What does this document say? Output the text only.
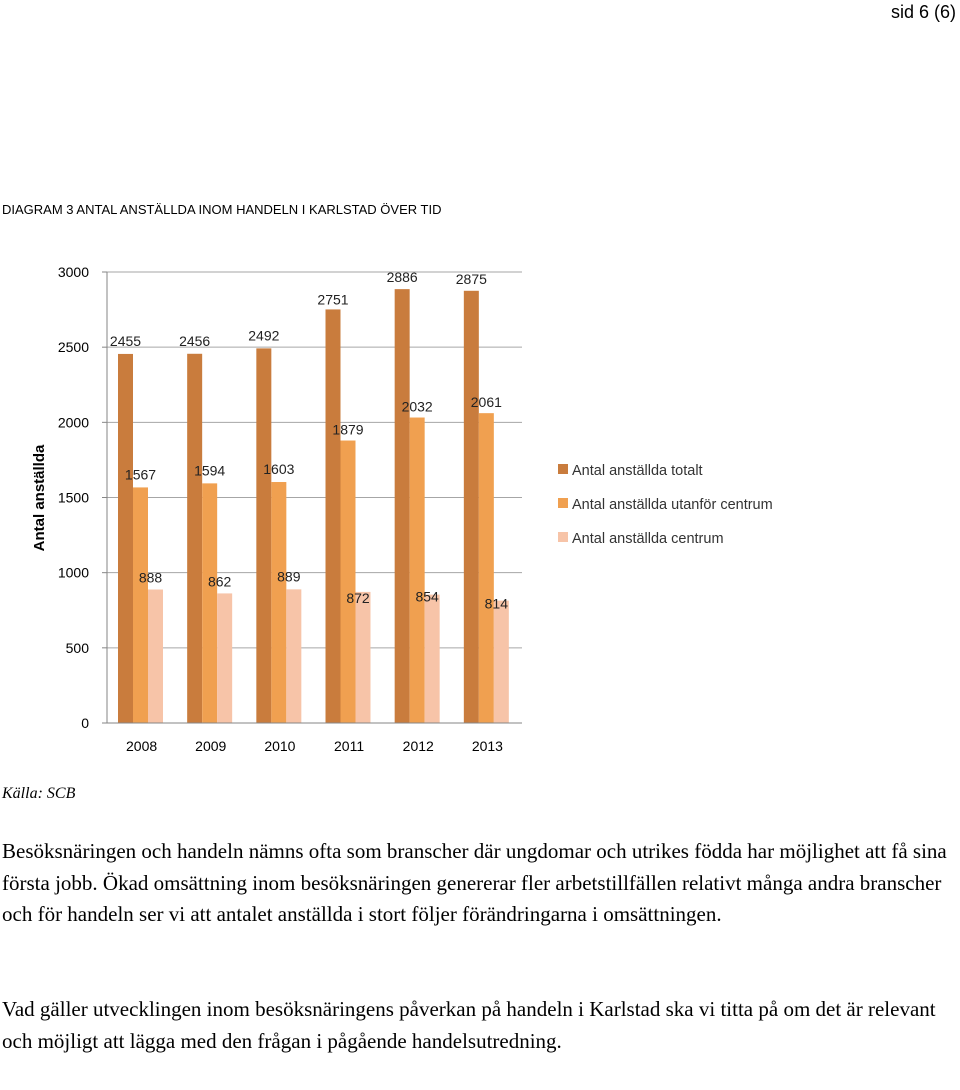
sid 6 (6)
DIAGRAM 3 ANTAL ANSTÄLLDA INOM HANDELN I KARLSTAD ÖVER TID
0
500
1000
1500
2000
2500
3000
Antal anställda
2008	2009	2010	2011	2012	2013
2455	2456	2492
2751
2886	2875
1567	1594	1603
1879
2032	2061
888	862	889
872	854	814
Antal anställda totalt
Antal anställda utanför centrum
Antal anställda centrum
Källa: SCB

Besöksnäringen och handeln nämns ofta som branscher där ungdomar och utrikes födda har möjlighet att få sina första jobb. Ökad omsättning inom besöksnäringen genererar fler arbetstillfällen relativt många andra branscher och för handeln ser vi att antalet anställda i stort följer förändringarna i omsättningen.

Vad gäller utvecklingen inom besöksnäringens påverkan på handeln i Karlstad ska vi titta på om det är relevant och möjligt att lägga med den frågan i pågående handelsutredning.
